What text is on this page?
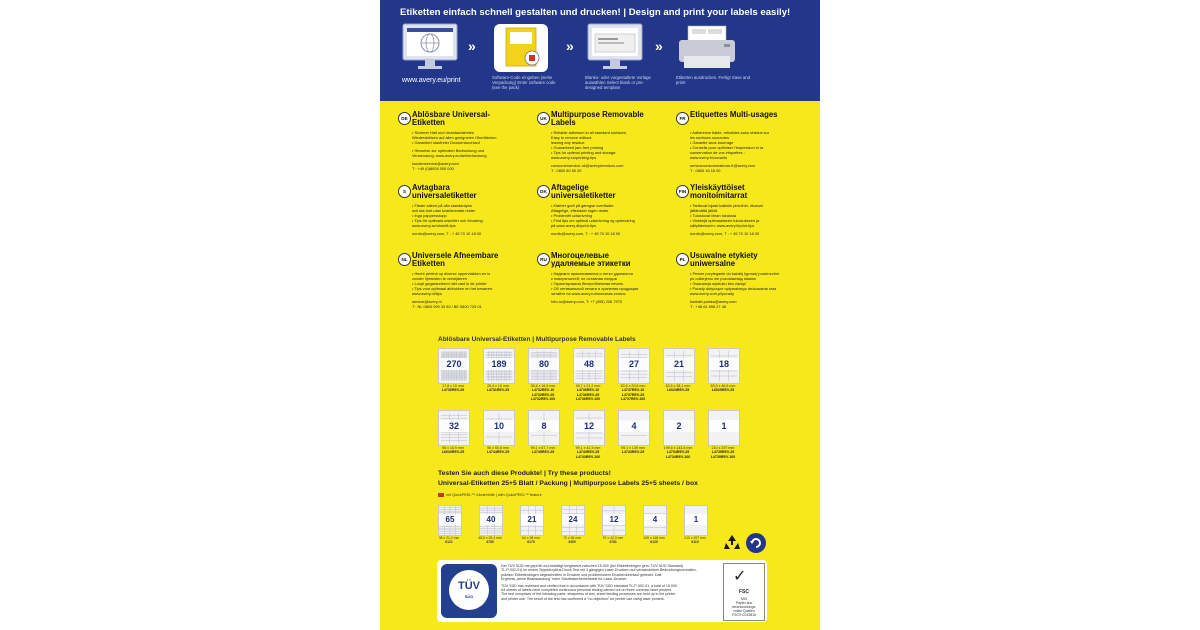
Etiketten einfach schnell gestalten und drucken! | Design and print your labels easily!
www.avery.eu/print
»
Software-Code eingeben (siehe Verpackung) Enter software code (see the pack)
»
Blanko- oder vorgestaltete Vorlage auswählen Select blank or pre-designed template
»
Etiketten ausdrucken. Fertig! Save and print!
DE Ablösbare Universal-Etiketten
• Sicherer Halt und rückstandsfreies
Wiederablösen auf allen geeigneten Oberflächen
• Garantiert staufreier Druckerdurchlauf
• Hinweise zur optimalen Bedruckung und
Verwendung: www.avery.eu/de/bedruckung
kundenservice@avery.com
T : +49 (0)8928 000 000
UK Multipurpose Removable Labels
• Reliable adhesion to all standard surfaces,
Easy to remove without
leaving any residue
• Guaranteed jam-free printing
• Tips for optimal printing and storage:
www.avery.eu/printing-tips
consumerservice-uk@averydennison.com
T : 0800 80 50 20
FR Etiquettes Multi-usages
• Adhérence fiable, retirables sans résidus sur
les surfaces courantes
• Garantie sans bourrage
• Conseils pour optimiser l'impression et la
conservation de vos étiquettes :
www.avery.fr/conseils
serviceconsommateurs-fr@avery.com
T : 0800 16 16 00
S Avtagbara universaletiketter
• Fäster säkert på alla standardytor
och tas bort utan kvarlämnade rester
• Inga pappersstopp
• Tips för optimala utskrifter och förvaring:
www.avery.se/utskrift-tips
nordic@avery.com, T : + 45 70 10 18 00
DK Aftagelige universaletiketter
• Klæber godt på gængse overflader.
Aftagelige, efterlader ingen rester
• Problemfri udskrivning
• Find tips om optimal udskrivning og opbevaring
på www.avery.dk/print-tips
nordic@avery.com, T : + 45 70 10 18 00
FIN Yleiskäyttöiset monitoimitarrat
• Tarttuvat lujasti kaikkiin pintoihin, irtoavat
jättämättä jälkiä
• Tulostuvat ilman tukoksia
• Vinkkejä optimaaliseen tulostukseen ja
säilyttämiseen: www.avery.fi/print-tips
nordic@avery.com, T : + 45 70 10 18 00
NL Universele Afneembare Etiketten
• Hecht perfect op diverse oppervlakken en is
zonder lijmresten te verwijderen
• Loopt gegarandeerd niet vast in de printer
• Tips voor optimaal afdrukken en het bewaren:
www.avery.nl/tips
service@avery.nl
T : NL 0800 099 33 90 / BE 0800 725 01
RU Многоцелевые удаляемые этикетки
• Надежно приклеиваются и легко удаляются
с поверхностей, не оставляя следов
• Гарантирована беспроблемная печать
• Об оптимальной печати и хранении продукции
читайте на www.avery.ru/полезная-статья
Info-ru@avery.com, T: +7 (495) 226 7970
PL Usuwalne etykiety uniwersalne
• Pewne przyleganie do każdej typowej powierzchni
po odklejeniu nie pozostawiają śladów
• Gwarancja wydruku bez zacięć
• Porady dotyczące optymalnego drukowania oraz
www.avery.com.pl/porady
kontakt.polska@avery.com
T : +48 61 898 27 48
Ablösbare Universal-Etiketten | Multipurpose Removable Labels
270
17,8 x 10 mm
L4730REV-25
189
25,4 x 10 mm
L4731REV-25
80
35,6 x 16,9 mm
L4732REV-10
L4732REV-25
L4732REV-100
48
45,7 x 21,2 mm
L4736REV-10
L4736REV-25
L4736REV-100
27
63,5 x 29,6 mm
L4737REV-10
L4737REV-25
L4737REV-100
21
63,5 x 38,1 mm
L6023REV-25
18
63,5 x 46,6 mm
L6025REV-25
32
96 x 16,9 mm
L6033REV-25
10
96 x 50,8 mm
L4744REV-25
8
99,1 x 67,7 mm
L4745REV-25
12
99,1 x 42,3 mm
L4743REV-25
L4743REV-100
4
99,1 x 139 mm
L4733REV-25
2
199,6 x 143,5 mm
L4734REV-25
L4734REV-100
1
210 x 297 mm
L4735REV-25
L4735REV-100
Testen Sie auch diese Produkte! | Try these products!
Universal-Etiketten 25+5 Blatt / Packung | Multipurpose Labels 25+5 sheets / box
mit QuickPEEL™ Abziehhilfe | with QuickPEEL™ feature
65
38 x 21,2 mm
6121
40
48,5 x 25,4 mm
4780
21
64 x 38 mm
6170
24
70 x 36 mm
3490
12
97 x 42,3 mm
4781
4
105 x 148 mm
6120
1
210 x 297 mm
6119
TÜV
SÜD
Der TÜV SÜD hat geprüft und bestätigt fortgesetzt zwischen 15.000 (bei Etikettenbögen gem. TÜV SÜD Standard)
TL-P-002-01) im einem Teppichzyklus Druck Test mit 3 gängigen Laser-Druckern auf verwandeltem Bedruckungsverhalten,
präziser Etikettenbögen abgeschnitten in Drucken und problemlosem Druckerdurchlauf getestet. Das
Ergebnis „keine Beanstandung" beim Staufestsicherheitstest für Laser-Drucker.
TÜV SÜD has reviewed and verified that in accordance with TÜV SÜD standard TL-P-002-01, a total of 15,000
A4 sheets of labels have completed continuous personal testing carried out on three common laser printers.
The test comprises of the following parts: sharpness of text, sheet feeding processes are held up in the printer
and printer use. The result of the test has confirmed a "no objection" for printer use using laser printers.
✓
FSC
MIX
Papier aus verantwortungs-
vollen Quellen
FSC® C015816
